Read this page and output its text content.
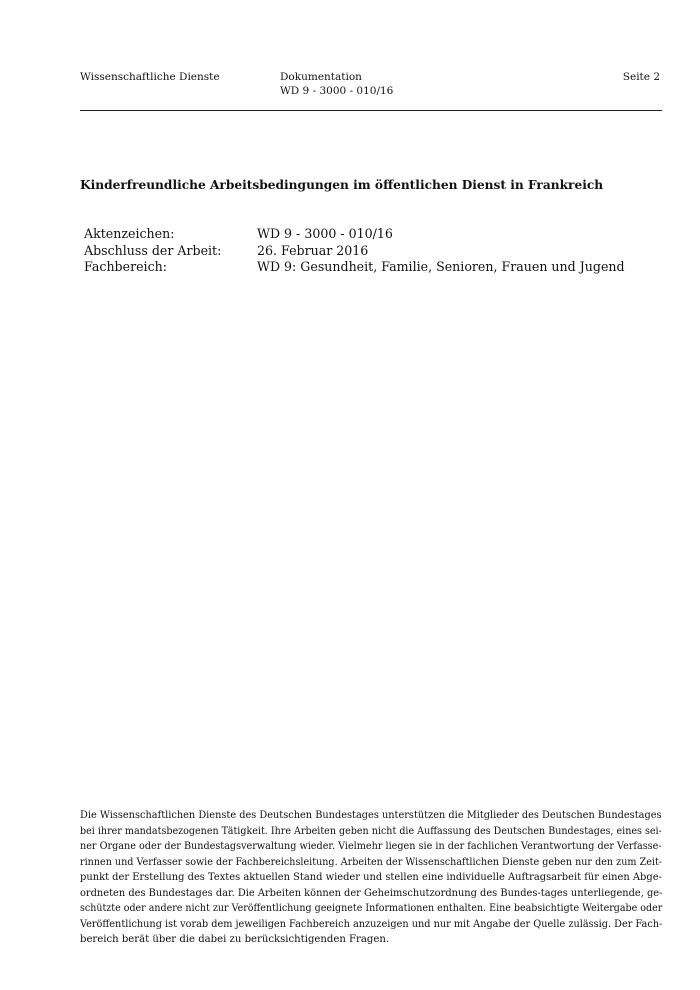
Wissenschaftliche Dienste	Dokumentation
WD 9 - 3000 - 010/16
Seite 2
Kinderfreundliche Arbeitsbedingungen im öffentlichen Dienst in Frankreich
Aktenzeichen:	WD 9 - 3000 - 010/16
Abschluss der Arbeit:	26. Februar 2016
Fachbereich:	WD 9: Gesundheit, Familie, Senioren, Frauen und Jugend
Die Wissenschaftlichen Dienste des Deutschen Bundestages unterstützen die Mitglieder des Deutschen Bundestages
bei ihrer mandatsbezogenen Tätigkeit. Ihre Arbeiten geben nicht die Auffassung des Deutschen Bundestages, eines sei-
ner Organe oder der Bundestagsverwaltung wieder. Vielmehr liegen sie in der fachlichen Verantwortung der Verfasse-
rinnen und Verfasser sowie der Fachbereichsleitung. Arbeiten der Wissenschaftlichen Dienste geben nur den zum Zeit-
punkt der Erstellung des Textes aktuellen Stand wieder und stellen eine individuelle Auftragsarbeit für einen Abge-
ordneten des Bundestages dar. Die Arbeiten können der Geheimschutzordnung des Bundes-tages unterliegende, ge-
schützte oder andere nicht zur Veröffentlichung geeignete Informationen enthalten. Eine beabsichtigte Weitergabe oder
Veröffentlichung ist vorab dem jeweiligen Fachbereich anzuzeigen und nur mit Angabe der Quelle zulässig. Der Fach-
bereich berät über die dabei zu berücksichtigenden Fragen.
